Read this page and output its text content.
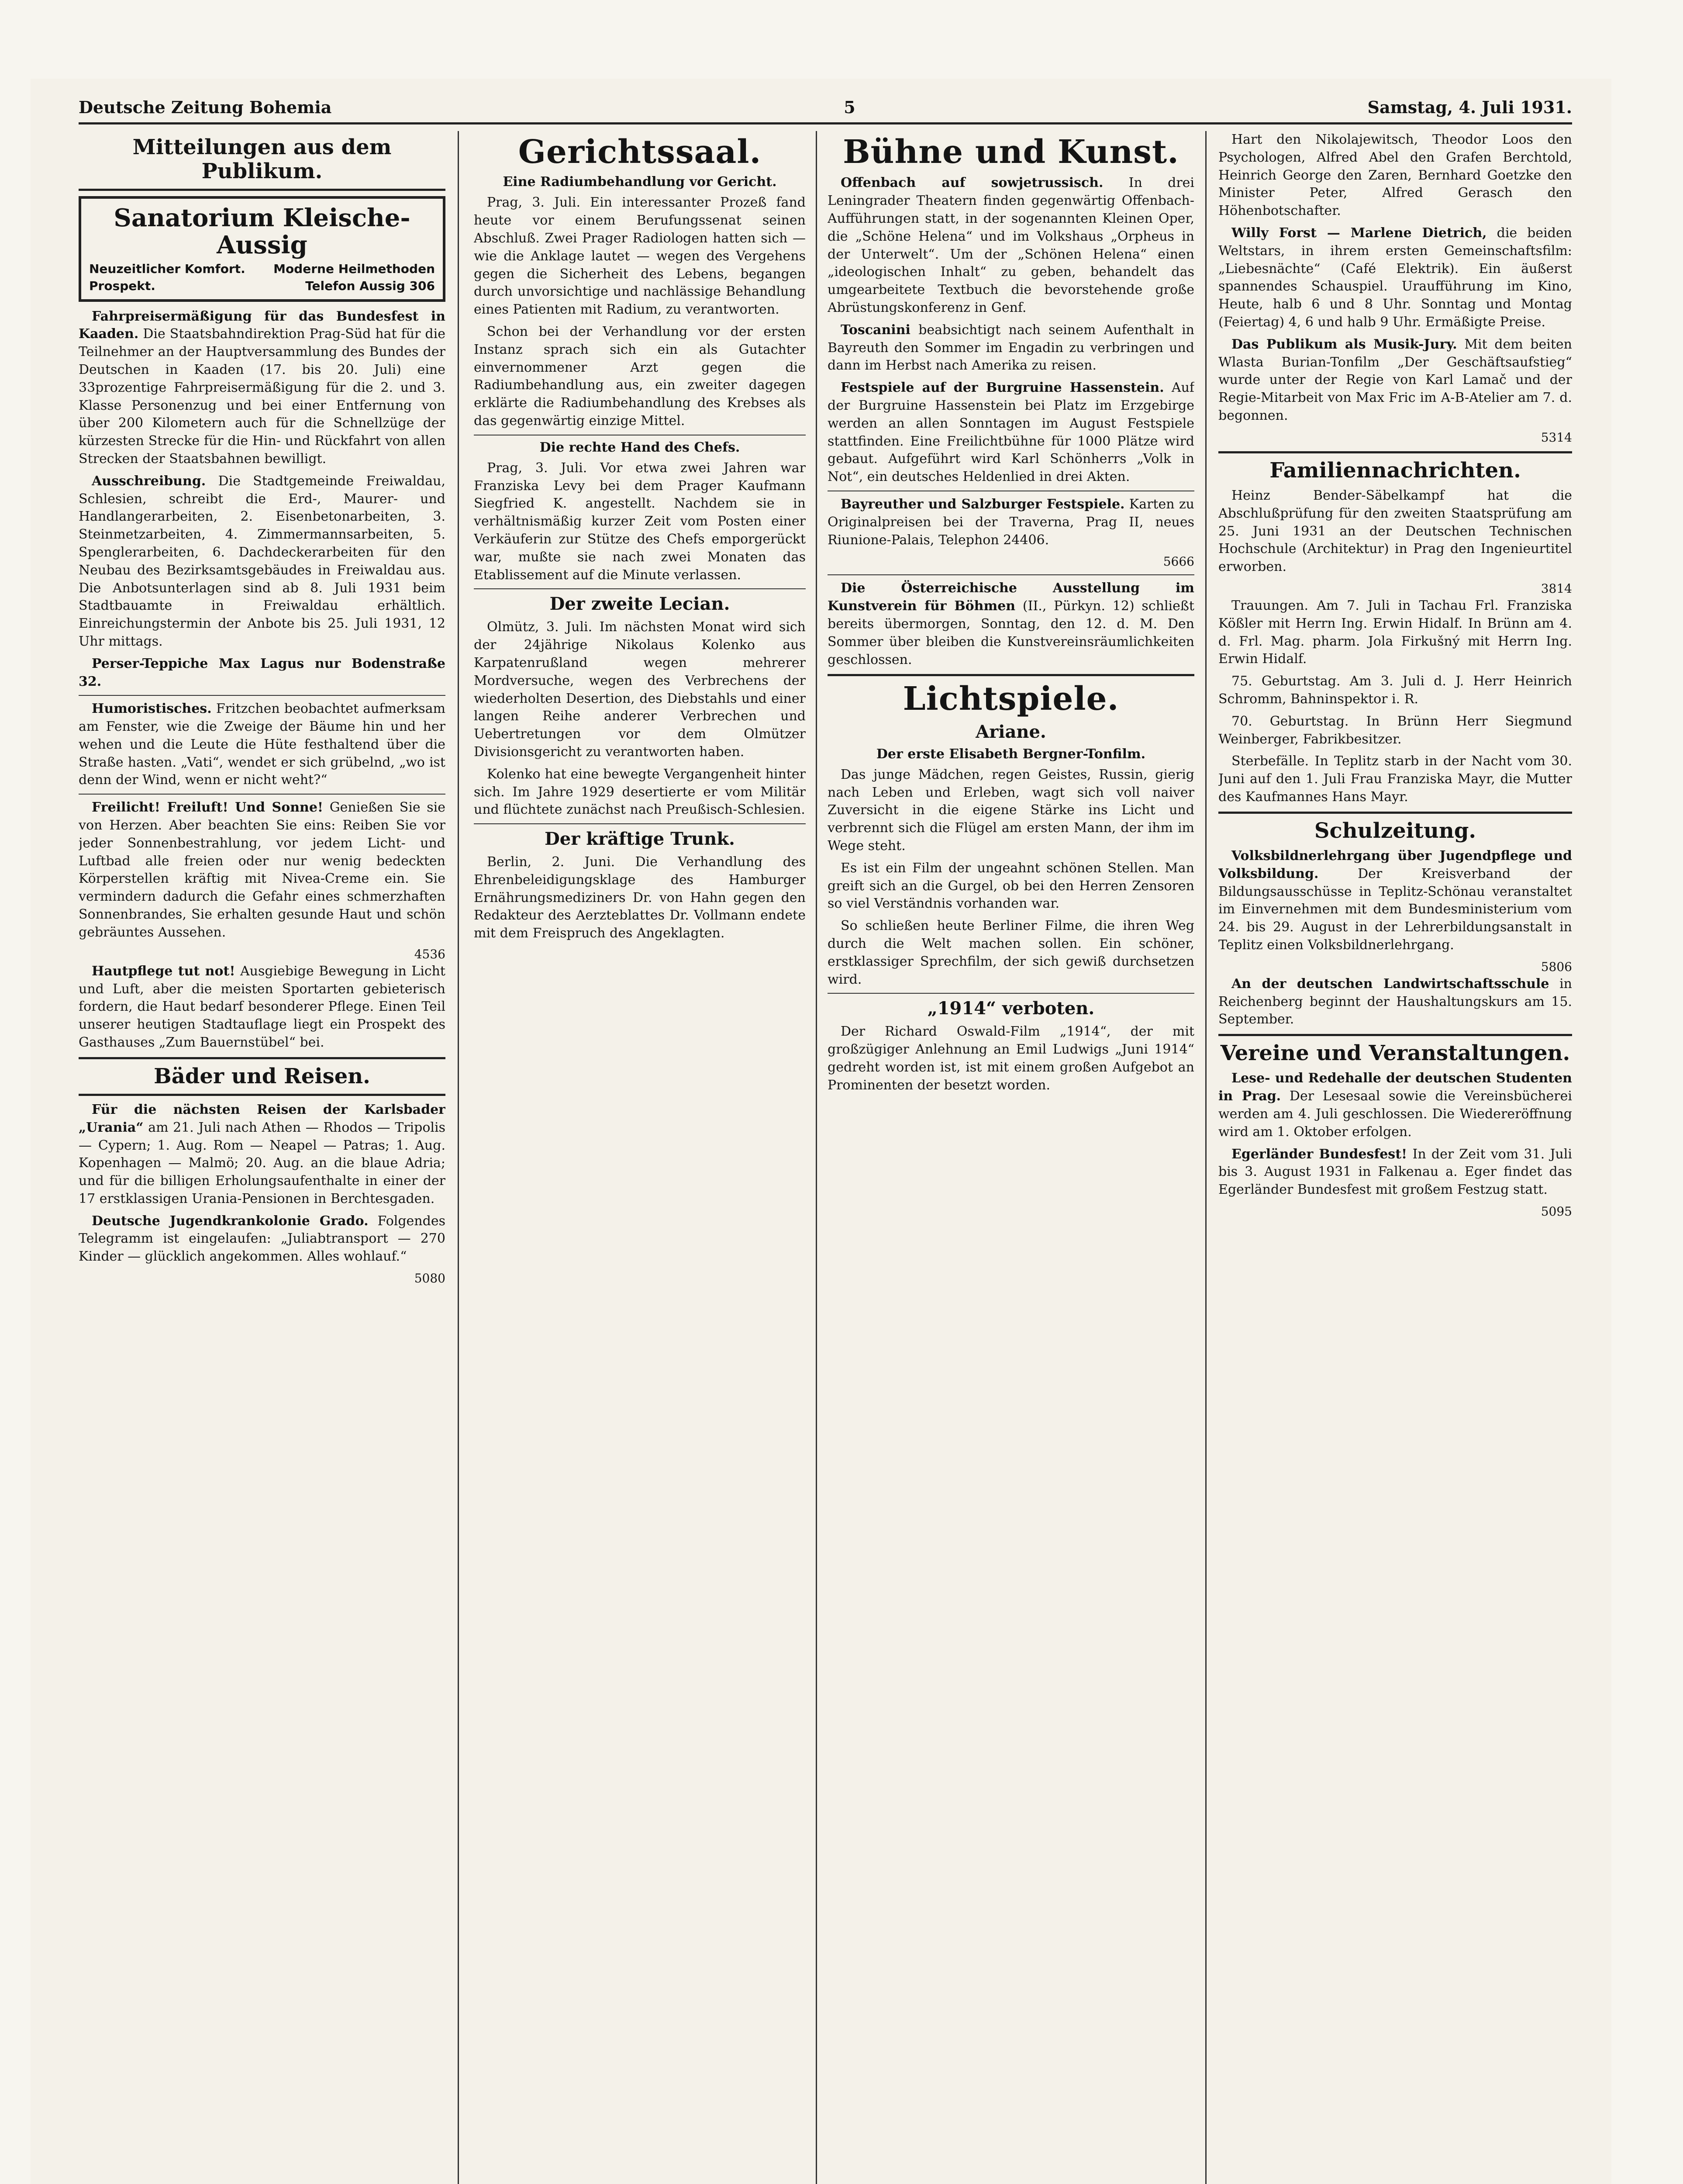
Deutsche Zeitung Bohemia	5	Samstag, 4. Juli 1931.
Mitteilungen aus dem Publikum.
Sanatorium Kleische-Aussig
Neuzeitlicher Komfort. Moderne Heilmethoden
Prospekt.	Telefon Aussig 306

Fahrpreisermäßigung für das Bundesfest in Kaaden. Die Staatsbahndirektion Prag-Süd hat für die Teilnehmer an der Hauptversammlung des Bundes der Deutschen in Kaaden (17. bis 20. Juli) eine 33prozentige Fahrpreisermäßigung für die 2. und 3. Klasse Personenzug und bei einer Entfernung von über 200 Kilometern auch für die Schnellzüge der kürzesten Strecke für die Hin- und Rückfahrt von allen Strecken der Staatsbahnen bewilligt.

Ausschreibung. Die Stadtgemeinde Freiwaldau, Schlesien, schreibt die Erd-, Maurer- und Handlangerarbeiten, 2. Eisenbetonarbeiten, 3. Steinmetzarbeiten, 4. Zimmermannsarbeiten, 5. Spenglerarbeiten, 6. Dachdeckerarbeiten für den Neubau des Bezirksamtsgebäudes in Freiwaldau aus. Die Anbotsunterlagen sind ab 8. Juli 1931 beim Stadtbauamte in Freiwaldau erhältlich. Einreichungstermin der Anbote bis 25. Juli 1931, 12 Uhr mittags.

Perser-Teppiche Max Lagus nur Bodenstraße 32.

Humoristisches. Fritzchen beobachtet aufmerksam am Fenster, wie die Zweige der Bäume hin und her wehen und die Leute die Hüte festhaltend über die Straße hasten. „Vati“, wendet er sich grübelnd, „wo ist denn der Wind, wenn er nicht weht?“

Freilicht! Freiluft! Und Sonne! Genießen Sie sie von Herzen. Aber beachten Sie eins: Reiben Sie vor jeder Sonnenbestrahlung, vor jedem Licht- und Luftbad alle freien oder nur wenig bedeckten Körperstellen kräftig mit Nivea-Creme ein. Sie vermindern dadurch die Gefahr eines schmerzhaften Sonnenbrandes, Sie erhalten gesunde Haut und schön gebräuntes Aussehen.

4536

Hautpflege tut not! Ausgiebige Bewegung in Licht und Luft, aber die meisten Sportarten gebieterisch fordern, die Haut bedarf besonderer Pflege. Einen Teil unserer heutigen Stadtauflage liegt ein Prospekt des Gasthauses „Zum Bauernstübel“ bei.

Bäder und Reisen.

Für die nächsten Reisen der Karlsbader „Urania“ am 21. Juli nach Athen — Rhodos — Tripolis — Cypern; 1. Aug. Rom — Neapel — Patras; 1. Aug. Kopenhagen — Malmö; 20. Aug. an die blaue Adria; und für die billigen Erholungsaufenthalte in einer der 17 erstklassigen Urania-Pensionen in Berchtesgaden.

Deutsche Jugendkrankolonie Grado. Folgendes Telegramm ist eingelaufen: „Juliabtransport — 270 Kinder — glücklich angekommen. Alles wohlauf.“

5080
Gerichtssaal.
Eine Radiumbehandlung vor Gericht.

Prag, 3. Juli. Ein interessanter Prozeß fand heute vor einem Berufungssenat seinen Abschluß. Zwei Prager Radiologen hatten sich — wie die Anklage lautet — wegen des Vergehens gegen die Sicherheit des Lebens, begangen durch unvorsichtige und nachlässige Behandlung eines Patienten mit Radium, zu verantworten.

Schon bei der Verhandlung vor der ersten Instanz sprach sich ein als Gutachter einvernommener Arzt gegen die Radiumbehandlung aus, ein zweiter dagegen erklärte die Radiumbehandlung des Krebses als das gegenwärtig einzige Mittel.

Die rechte Hand des Chefs.

Prag, 3. Juli. Vor etwa zwei Jahren war Franziska Levy bei dem Prager Kaufmann Siegfried K. angestellt. Nachdem sie in verhältnismäßig kurzer Zeit vom Posten einer Verkäuferin zur Stütze des Chefs emporgerückt war, mußte sie nach zwei Monaten das Etablissement auf die Minute verlassen.

Der zweite Lecian.

Olmütz, 3. Juli. Im nächsten Monat wird sich der 24jährige Nikolaus Kolenko aus Karpatenrußland wegen mehrerer Mordversuche, wegen des Verbrechens der wiederholten Desertion, des Diebstahls und einer langen Reihe anderer Verbrechen und Uebertretungen vor dem Olmützer Divisionsgericht zu verantworten haben.

Kolenko hat eine bewegte Vergangenheit hinter sich. Im Jahre 1929 desertierte er vom Militär und flüchtete zunächst nach Preußisch-Schlesien.

Der kräftige Trunk.

Berlin, 2. Juni. Die Verhandlung des Ehrenbeleidigungsklage des Hamburger Ernährungsmediziners Dr. von Hahn gegen den Redakteur des Aerzteblattes Dr. Vollmann endete mit dem Freispruch des Angeklagten.

Bühne und Kunst.

Offenbach auf sowjetrussisch. In drei Leningrader Theatern finden gegenwärtig Offenbach-Aufführungen statt, in der sogenannten Kleinen Oper, die „Schöne Helena“ und im Volkshaus „Orpheus in der Unterwelt“. Um der „Schönen Helena“ einen „ideologischen Inhalt“ zu geben, behandelt das umgearbeitete Textbuch die bevorstehende große Abrüstungskonferenz in Genf.

Toscanini beabsichtigt nach seinem Aufenthalt in Bayreuth den Sommer im Engadin zu verbringen und dann im Herbst nach Amerika zu reisen.

Festspiele auf der Burgruine Hassenstein. Auf der Burgruine Hassenstein bei Platz im Erzgebirge werden an allen Sonntagen im August Festspiele stattfinden. Eine Freilichtbühne für 1000 Plätze wird gebaut. Aufgeführt wird Karl Schönherrs „Volk in Not“, ein deutsches Heldenlied in drei Akten.

Bayreuther und Salzburger Festspiele. Karten zu Originalpreisen bei der Traverna, Prag II, neues Riunione-Palais, Telephon 24406.

5666

Die Österreichische Ausstellung im Kunstverein für Böhmen (II., Pürkyn. 12) schließt bereits übermorgen, Sonntag, den 12. d. M. Den Sommer über bleiben die Kunstvereinsräumlichkeiten geschlossen.

Lichtspiele.
Ariane.
Der erste Elisabeth Bergner-Tonfilm.

Das junge Mädchen, regen Geistes, Russin, gierig nach Leben und Erleben, wagt sich voll naiver Zuversicht in die eigene Stärke ins Licht und verbrennt sich die Flügel am ersten Mann, der ihm im Wege steht.

Es ist ein Film der ungeahnt schönen Stellen. Man greift sich an die Gurgel, ob bei den Herren Zensoren so viel Verständnis vorhanden war.

So schließen heute Berliner Filme, die ihren Weg durch die Welt machen sollen. Ein schöner, erstklassiger Sprechfilm, der sich gewiß durchsetzen wird.

„1914“ verboten.

Der Richard Oswald-Film „1914“, der mit großzügiger Anlehnung an Emil Ludwigs „Juni 1914“ gedreht worden ist, ist mit einem großen Aufgebot an Prominenten der besetzt worden.

Hart den Nikolajewitsch, Theodor Loos den Psychologen, Alfred Abel den Grafen Berchtold, Heinrich George den Zaren, Bernhard Goetzke den Minister Peter, Alfred Gerasch den Höhenbotschafter.

Willy Forst — Marlene Dietrich, die beiden Weltstars, in ihrem ersten Gemeinschaftsfilm: „Liebesnächte“ (Café Elektrik). Ein äußerst spannendes Schauspiel. Uraufführung im Kino, Heute, halb 6 und 8 Uhr. Sonntag und Montag (Feiertag) 4, 6 und halb 9 Uhr. Ermäßigte Preise.

Das Publikum als Musik-Jury. Mit dem beiten Wlasta Burian-Tonfilm „Der Geschäftsaufstieg“ wurde unter der Regie von Karl Lamač und der Regie-Mitarbeit von Max Fric im A-B-Atelier am 7. d. begonnen.

5314
Familiennachrichten.

Heinz Bender-Säbelkampf hat die Abschlußprüfung für den zweiten Staatsprüfung am 25. Juni 1931 an der Deutschen Technischen Hochschule (Architektur) in Prag den Ingenieurtitel erworben.

3814

Trauungen. Am 7. Juli in Tachau Frl. Franziska Kößler mit Herrn Ing. Erwin Hidalf. In Brünn am 4. d. Frl. Mag. pharm. Jola Firkušný mit Herrn Ing. Erwin Hidalf.

75. Geburtstag. Am 3. Juli d. J. Herr Heinrich Schromm, Bahninspektor i. R.

70. Geburtstag. In Brünn Herr Siegmund Weinberger, Fabrikbesitzer.

Sterbefälle. In Teplitz starb in der Nacht vom 30. Juni auf den 1. Juli Frau Franziska Mayr, die Mutter des Kaufmannes Hans Mayr.

Schulzeitung.

Volksbildnerlehrgang über Jugendpflege und Volksbildung.	Der Kreisverband der Bildungsausschüsse in Teplitz-Schönau veranstaltet im Einvernehmen mit dem Bundesministerium vom 24. bis 29. August in der Lehrerbildungsanstalt in Teplitz einen Volksbildnerlehrgang.

5806

An der deutschen Landwirtschaftsschule in Reichenberg beginnt der Haushaltungskurs am 15. September.

Vereine und Veranstaltungen.

Lese- und Redehalle der deutschen Studenten in Prag. Der Lesesaal sowie die Vereinsbücherei werden am 4. Juli geschlossen. Die Wiedereröffnung wird am 1. Oktober erfolgen.

Egerländer Bundesfest! In der Zeit vom 31. Juli bis 3. August 1931 in Falkenau a. Eger findet das Egerländer Bundesfest mit großem Festzug statt.

5095
